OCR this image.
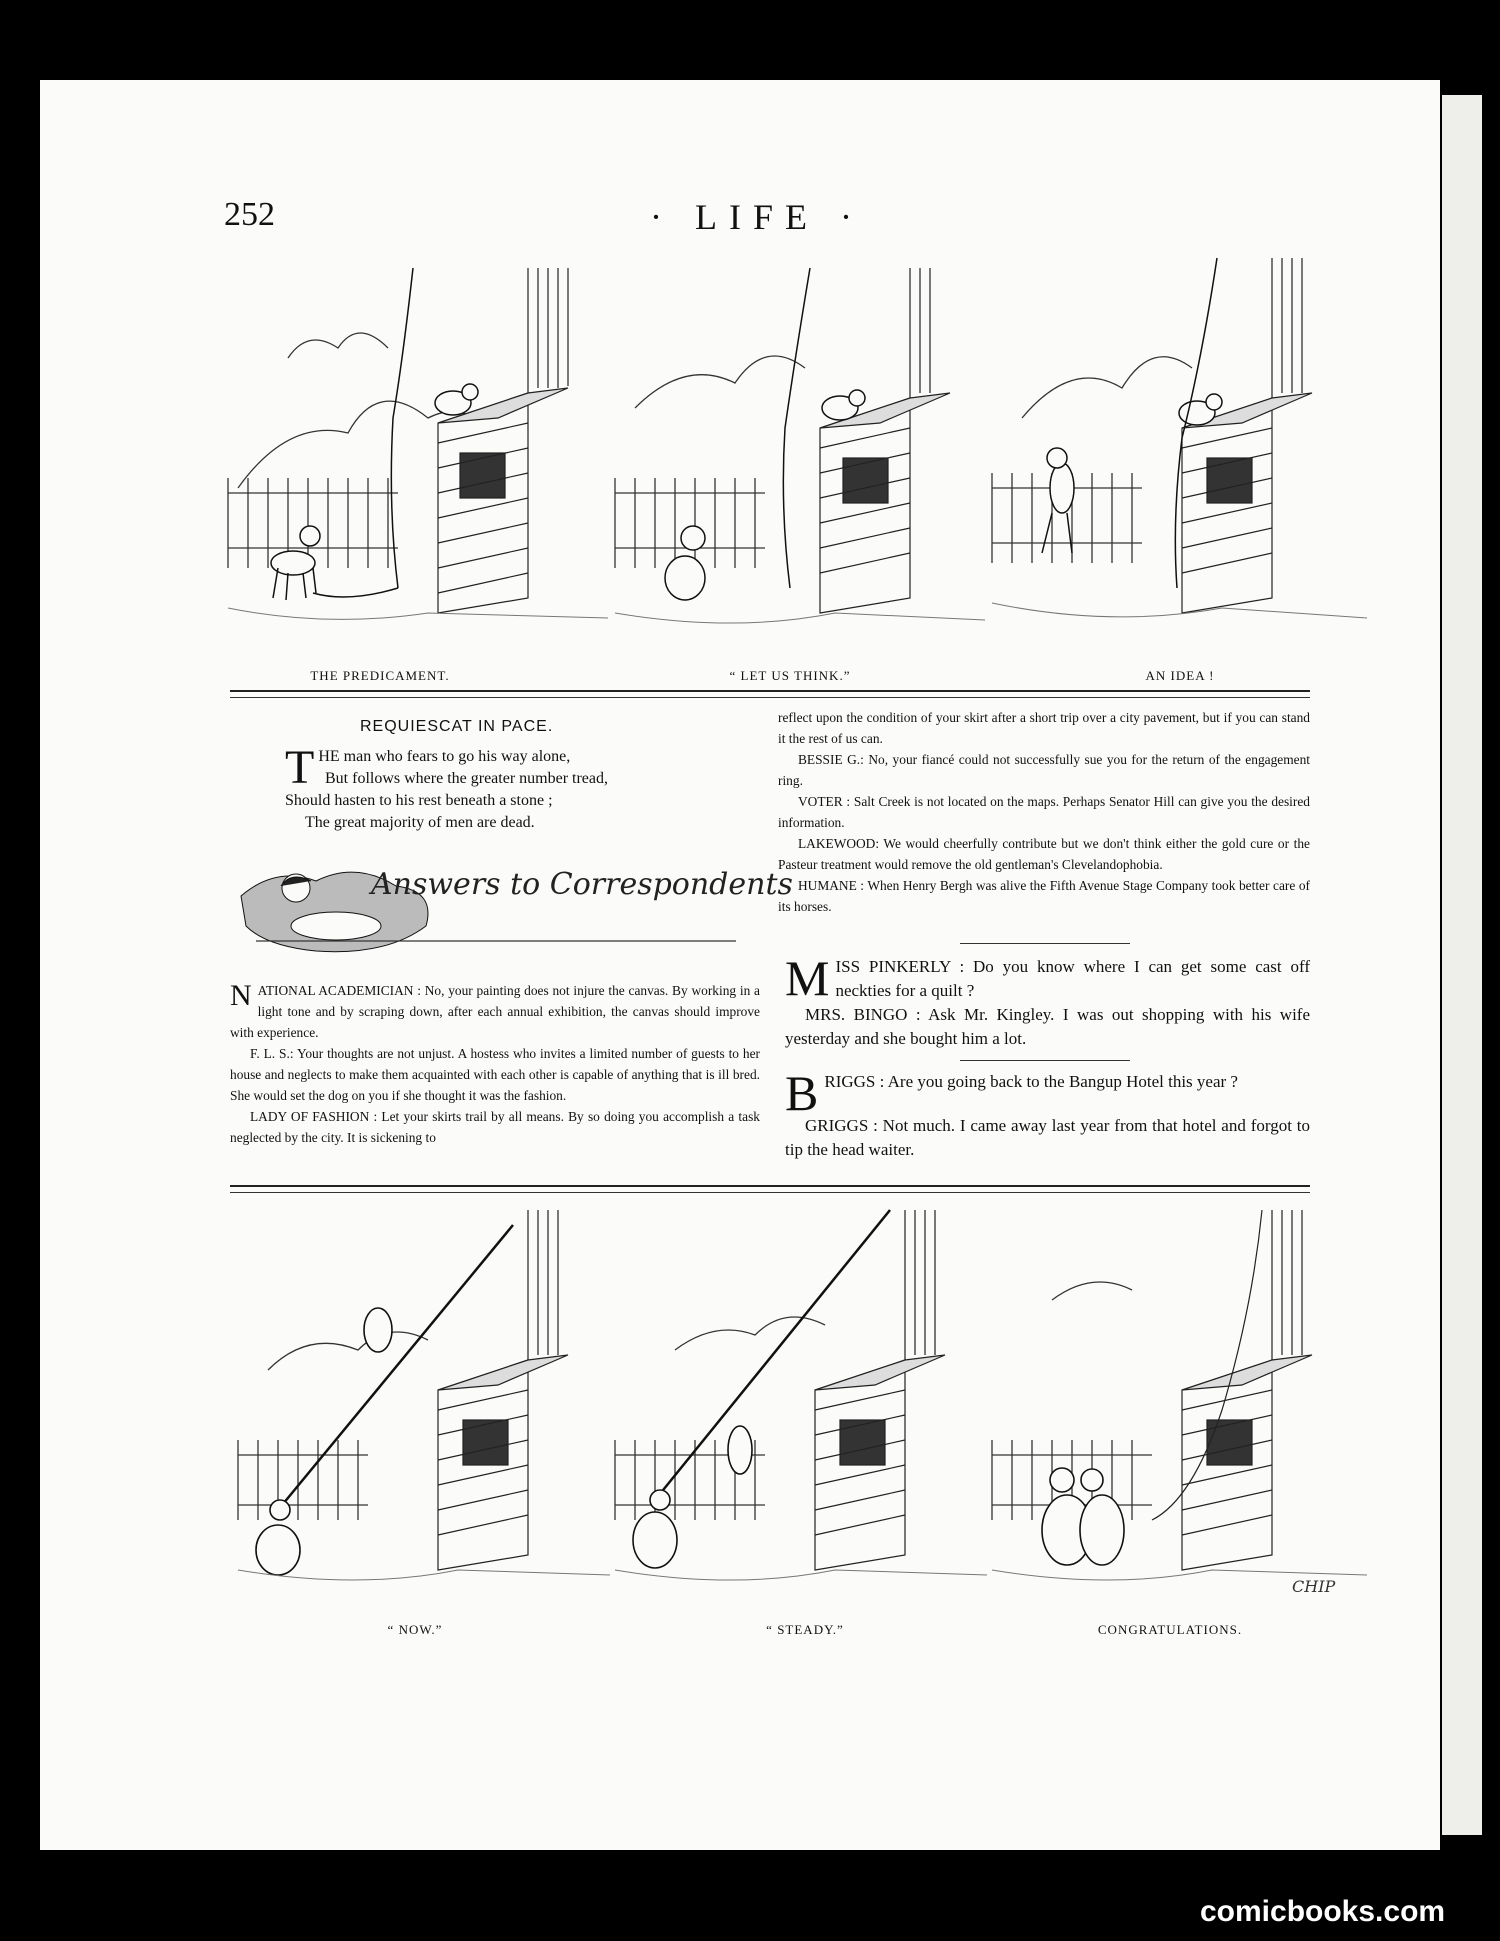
252	· LIFE ·
THE PREDICAMENT.	“ LET US THINK.”	AN IDEA !
REQUIESCAT IN PACE.
THE man who fears to go his way alone,
But follows where the greater number tread,
Should hasten to his rest beneath a stone ;
The great majority of men are dead.
Answers to Correspondents

NATIONAL ACADEMICIAN : No, your painting does not injure the canvas. By working in a light tone and by scraping down, after each annual exhibition, the canvas should improve with experience.

F. L. S.: Your thoughts are not unjust. A hostess who invites a limited number of guests to her house and neglects to make them acquainted with each other is capable of anything that is ill bred. She would set the dog on you if she thought it was the fashion.

LADY OF FASHION : Let your skirts trail by all means. By so doing you accomplish a task neglected by the city. It is sickening to

reflect upon the condition of your skirt after a short trip over a city pavement, but if you can stand it the rest of us can.

BESSIE G.: No, your fiancé could not successfully sue you for the return of the engagement ring.

VOTER : Salt Creek is not located on the maps. Perhaps Senator Hill can give you the desired information.

LAKEWOOD: We would cheerfully contribute but we don't think either the gold cure or the Pasteur treatment would remove the old gentleman's Clevelandophobia.

HUMANE : When Henry Bergh was alive the Fifth Avenue Stage Company took better care of its horses.

MISS PINKERLY : Do you know where I can get some cast off neckties for a quilt ?

MRS. BINGO : Ask Mr. Kingley. I was out shopping with his wife yesterday and she bought him a lot.

BRIGGS : Are you going back to the Bangup Hotel this year ?

GRIGGS : Not much. I came away last year from that hotel and forgot to tip the head waiter.

CHIP
“ NOW.”	“ STEADY.”	CONGRATULATIONS.
comicbooks.com
